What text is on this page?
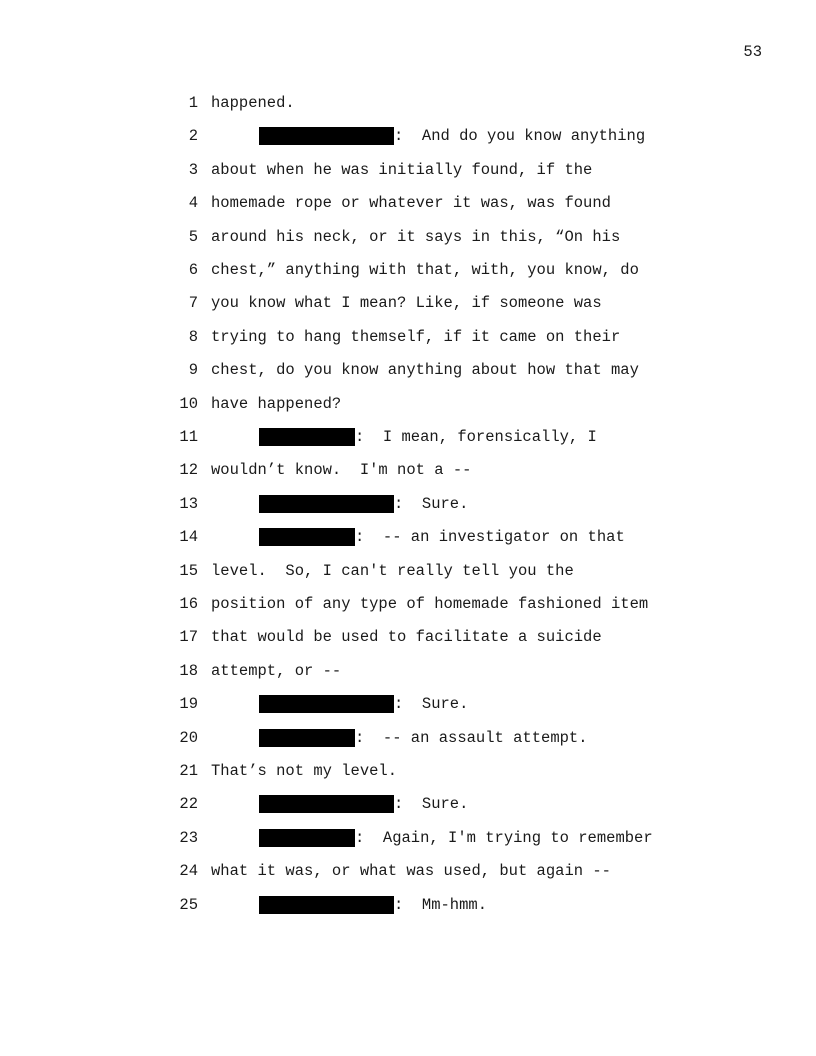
53
1 happened.
2	:  And do you know anything
3 about when he was initially found, if the
4 homemade rope or whatever it was, was found
5 around his neck, or it says in this, “On his
6 chest,” anything with that, with, you know, do
7 you know what I mean? Like, if someone was
8 trying to hang themself, if it came on their
9 chest, do you know anything about how that may
10 have happened?
11	:  I mean, forensically, I
12 wouldn’t know.  I'm not a --
13	:  Sure.
14	:  -- an investigator on that
15 level.  So, I can't really tell you the
16 position of any type of homemade fashioned item
17 that would be used to facilitate a suicide
18 attempt, or --
19	:  Sure.
20	:  -- an assault attempt.
21 That’s not my level.
22	:  Sure.
23	:  Again, I'm trying to remember
24 what it was, or what was used, but again --
25	:  Mm-hmm.
